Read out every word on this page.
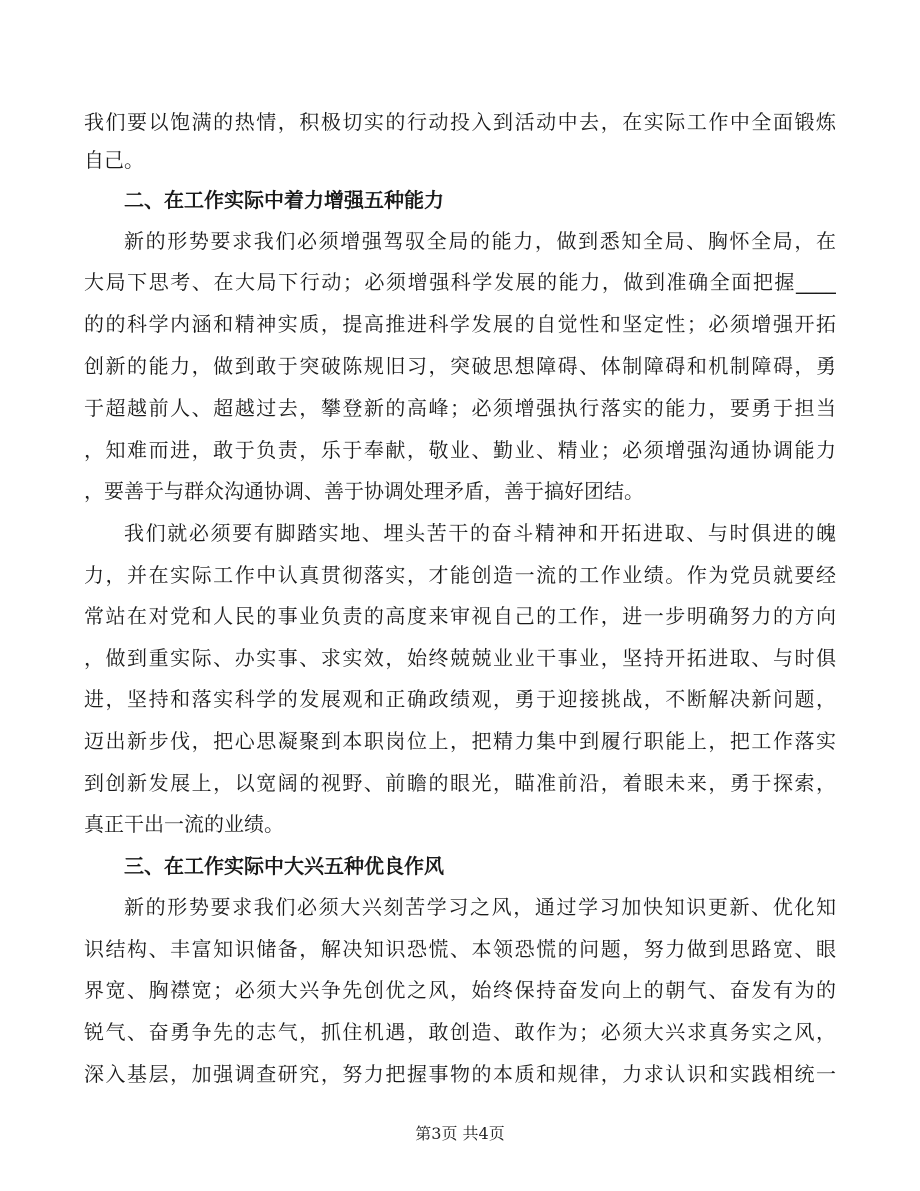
我们要以饱满的热情，积极切实的行动投入到活动中去，在实际工作中全面锻炼
自己。
二、在工作实际中着力增强五种能力
新的形势要求我们必须增强驾驭全局的能力，做到悉知全局、胸怀全局，在
大局下思考、在大局下行动；必须增强科学发展的能力，做到准确全面把握____
的的科学内涵和精神实质，提高推进科学发展的自觉性和坚定性；必须增强开拓
创新的能力，做到敢于突破陈规旧习，突破思想障碍、体制障碍和机制障碍，勇
于超越前人、超越过去，攀登新的高峰；必须增强执行落实的能力，要勇于担当
，知难而进，敢于负责，乐于奉献，敬业、勤业、精业；必须增强沟通协调能力
，要善于与群众沟通协调、善于协调处理矛盾，善于搞好团结。
我们就必须要有脚踏实地、埋头苦干的奋斗精神和开拓进取、与时俱进的魄
力，并在实际工作中认真贯彻落实，才能创造一流的工作业绩。作为党员就要经
常站在对党和人民的事业负责的高度来审视自己的工作，进一步明确努力的方向
，做到重实际、办实事、求实效，始终兢兢业业干事业，坚持开拓进取、与时俱
进，坚持和落实科学的发展观和正确政绩观，勇于迎接挑战，不断解决新问题，
迈出新步伐，把心思凝聚到本职岗位上，把精力集中到履行职能上，把工作落实
到创新发展上，以宽阔的视野、前瞻的眼光，瞄准前沿，着眼未来，勇于探索，
真正干出一流的业绩。
三、在工作实际中大兴五种优良作风
新的形势要求我们必须大兴刻苦学习之风，通过学习加快知识更新、优化知
识结构、丰富知识储备，解决知识恐慌、本领恐慌的问题，努力做到思路宽、眼
界宽、胸襟宽；必须大兴争先创优之风，始终保持奋发向上的朝气、奋发有为的
锐气、奋勇争先的志气，抓住机遇，敢创造、敢作为；必须大兴求真务实之风，
深入基层，加强调查研究，努力把握事物的本质和规律，力求认识和实践相统一
第3页 共4页
